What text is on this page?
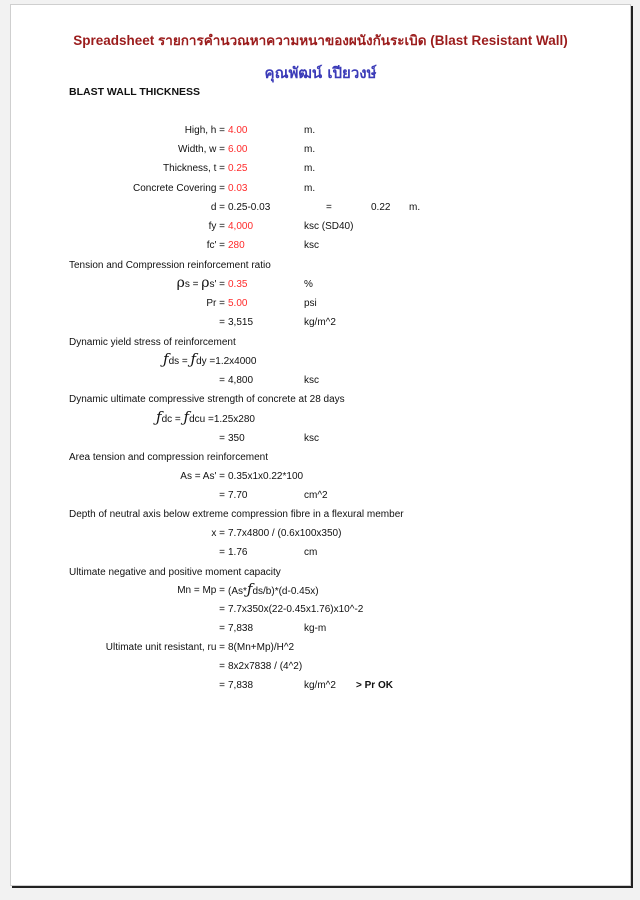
Spreadsheet รายการคำนวณหาความหนาของผนังกันระเบิด (Blast Resistant Wall)
คุณพัฒน์ เปียวงษ์
BLAST WALL THICKNESS
High, h = 4.00	m.
Width, w = 6.00	m.
Thickness, t = 0.25	m.
Concrete Covering = 0.03	m.
d = 0.25-0.03	=	0.22 m.
fy = 4,000	ksc (SD40)
fc' = 280	ksc
Tension and Compression reinforcement ratio
ρs = ρs' = 0.35	%
Pr = 5.00	psi
= 3,515	kg/m^2
Dynamic yield stress of reinforcement
ƒds = ƒdy =1.2x4000
= 4,800	ksc
Dynamic ultimate compressive strength of concrete at 28 days
ƒdc = ƒdcu =1.25x280
= 350	ksc
Area tension and compression reinforcement
As = As' = 0.35x1x0.22*100
= 7.70	cm^2
Depth of neutral axis below extreme compression fibre in a flexural member
x = 7.7x4800 / (0.6x100x350)
= 1.76	cm
Ultimate negative and positive moment capacity
Mn = Mp = (As*ƒds/b)*(d-0.45x)
= 7.7x350x(22-0.45x1.76)x10^-2
= 7,838	kg-m
Ultimate unit resistant, ru = 8(Mn+Mp)/H^2
= 8x2x7838 / (4^2)
= 7,838	kg/m^2 > Pr OK
